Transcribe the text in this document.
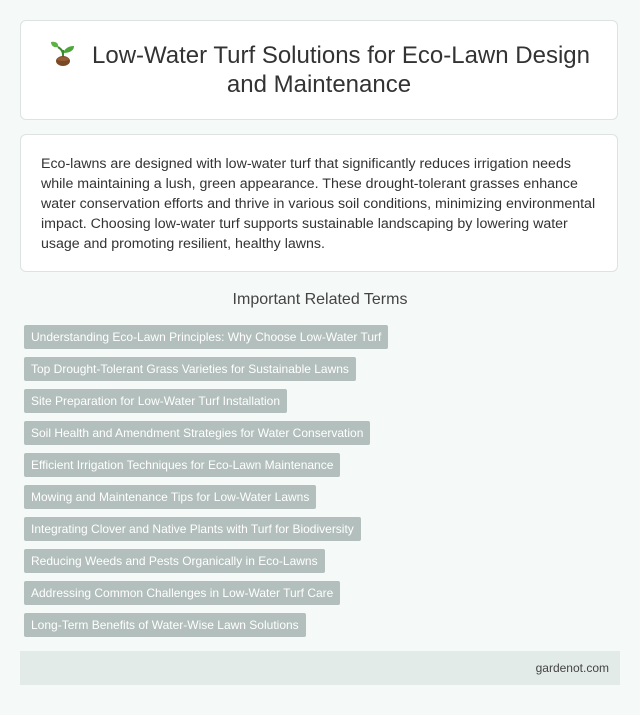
Low-Water Turf Solutions for Eco-Lawn Design and Maintenance

Eco-lawns are designed with low-water turf that significantly reduces irrigation needs while maintaining a lush, green appearance. These drought-tolerant grasses enhance water conservation efforts and thrive in various soil conditions, minimizing environmental impact. Choosing low-water turf supports sustainable landscaping by lowering water usage and promoting resilient, healthy lawns.

Important Related Terms
Understanding Eco-Lawn Principles: Why Choose Low-Water Turf
Top Drought-Tolerant Grass Varieties for Sustainable Lawns
Site Preparation for Low-Water Turf Installation
Soil Health and Amendment Strategies for Water Conservation
Efficient Irrigation Techniques for Eco-Lawn Maintenance
Mowing and Maintenance Tips for Low-Water Lawns
Integrating Clover and Native Plants with Turf for Biodiversity
Reducing Weeds and Pests Organically in Eco-Lawns
Addressing Common Challenges in Low-Water Turf Care
Long-Term Benefits of Water-Wise Lawn Solutions
gardenot.com
